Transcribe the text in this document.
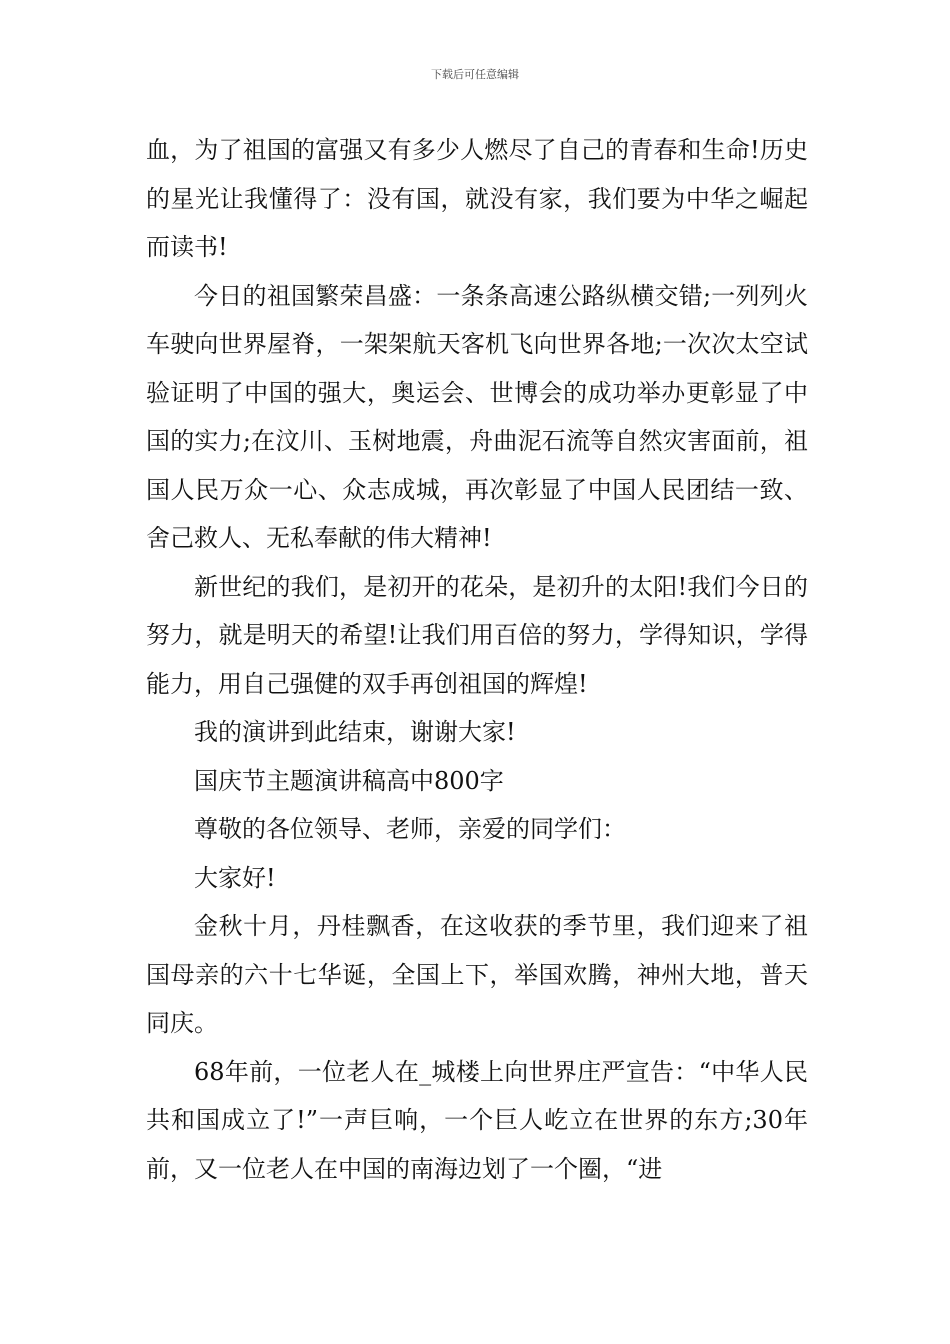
下载后可任意编辑

血，为了祖国的富强又有多少人燃尽了自己的青春和生命!历史的星光让我懂得了：没有国，就没有家，我们要为中华之崛起而读书!

今日的祖国繁荣昌盛：一条条高速公路纵横交错;一列列火车驶向世界屋脊，一架架航天客机飞向世界各地;一次次太空试验证明了中国的强大，奥运会、世博会的成功举办更彰显了中国的实力;在汶川、玉树地震，舟曲泥石流等自然灾害面前，祖国人民万众一心、众志成城，再次彰显了中国人民团结一致、舍己救人、无私奉献的伟大精神!

新世纪的我们，是初开的花朵，是初升的太阳!我们今日的努力，就是明天的希望!让我们用百倍的努力，学得知识，学得能力，用自己强健的双手再创祖国的辉煌!

我的演讲到此结束，谢谢大家!

国庆节主题演讲稿高中800字

尊敬的各位领导、老师，亲爱的同学们：

大家好!

金秋十月，丹桂飘香，在这收获的季节里，我们迎来了祖国母亲的六十七华诞，全国上下，举国欢腾，神州大地，普天同庆。

68年前，一位老人在_城楼上向世界庄严宣告：“中华人民共和国成立了!”一声巨响，一个巨人屹立在世界的东方;30年前，又一位老人在中国的南海边划了一个圈，“进
